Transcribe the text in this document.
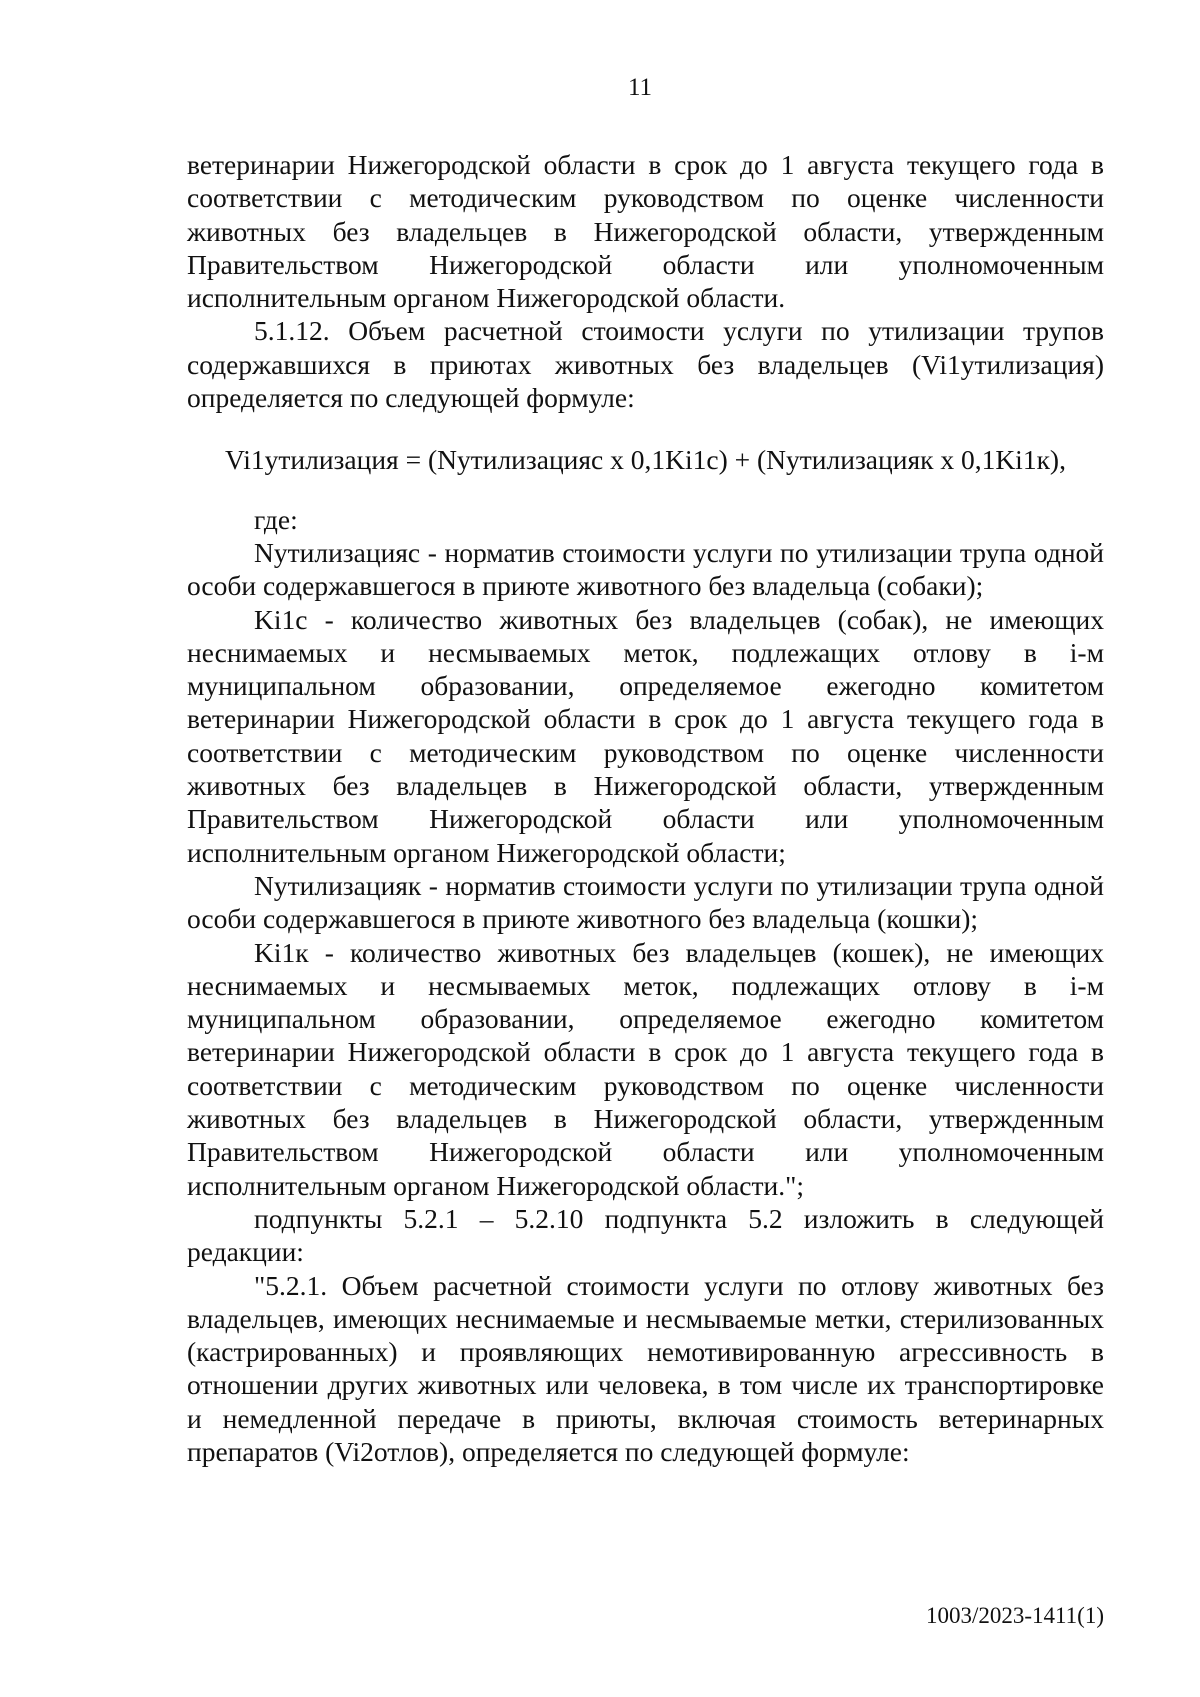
11

ветеринарии Нижегородской области в срок до 1 августа текущего года в соответствии с методическим руководством по оценке численности животных без владельцев в Нижегородской области, утвержденным Правительством Нижегородской области или уполномоченным исполнительным органом Нижегородской области.

5.1.12. Объем расчетной стоимости услуги по утилизации трупов содержавшихся в приютах животных без владельцев (Vi1утилизация) определяется по следующей формуле:

Vi1утилизация = (Nутилизацияс х 0,1Ki1с) + (Nутилизацияк х 0,1Ki1к),

где:

Nутилизацияс - норматив стоимости услуги по утилизации трупа одной особи содержавшегося в приюте животного без владельца (собаки);

Ki1с - количество животных без владельцев (собак), не имеющих неснимаемых и несмываемых меток, подлежащих отлову в i-м муниципальном образовании, определяемое ежегодно комитетом ветеринарии Нижегородской области в срок до 1 августа текущего года в соответствии с методическим руководством по оценке численности животных без владельцев в Нижегородской области, утвержденным Правительством Нижегородской области или уполномоченным исполнительным органом Нижегородской области;

Nутилизацияк - норматив стоимости услуги по утилизации трупа одной особи содержавшегося в приюте животного без владельца (кошки);

Ki1к - количество животных без владельцев (кошек), не имеющих неснимаемых и несмываемых меток, подлежащих отлову в i-м муниципальном образовании, определяемое ежегодно комитетом ветеринарии Нижегородской области в срок до 1 августа текущего года в соответствии с методическим руководством по оценке численности животных без владельцев в Нижегородской области, утвержденным Правительством Нижегородской области или уполномоченным исполнительным органом Нижегородской области.";

подпункты 5.2.1 – 5.2.10 подпункта 5.2 изложить в следующей редакции:

"5.2.1. Объем расчетной стоимости услуги по отлову животных без владельцев, имеющих неснимаемые и несмываемые метки, стерилизованных (кастрированных) и проявляющих немотивированную агрессивность в отношении других животных или человека, в том числе их транспортировке и немедленной передаче в приюты, включая стоимость ветеринарных препаратов (Vi2отлов), определяется по следующей формуле:

1003/2023-1411(1)
